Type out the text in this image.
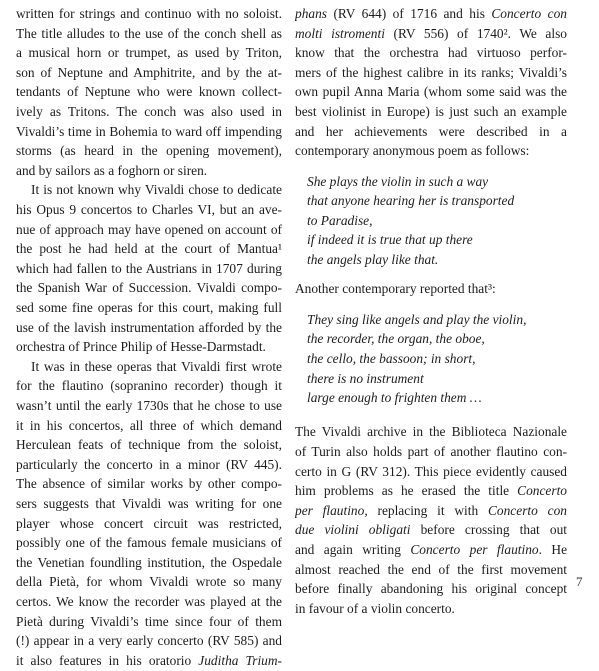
written for strings and continuo with no soloist.
The title alludes to the use of the conch shell as
a musical horn or trumpet, as used by Triton,
son of Neptune and Amphitrite, and by the at-
tendants of Neptune who were known collect-
ively as Tritons. The conch was also used in
Vivaldi’s time in Bohemia to ward off impending
storms (as heard in the opening movement),
and by sailors as a foghorn or siren.
It is not known why Vivaldi chose to dedicate
his Opus 9 concertos to Charles VI, but an ave-
nue of approach may have opened on account of
the post he had held at the court of Mantua¹
which had fallen to the Austrians in 1707 during
the Spanish War of Succession. Vivaldi compo-
sed some fine operas for this court, making full
use of the lavish instrumentation afforded by the
orchestra of Prince Philip of Hesse-Darmstadt.
It was in these operas that Vivaldi first wrote
for the flautino (sopranino recorder) though it
wasn’t until the early 1730s that he chose to use
it in his concertos, all three of which demand
Herculean feats of technique from the soloist,
particularly the concerto in a minor (RV 445).
The absence of similar works by other compo-
sers suggests that Vivaldi was writing for one
player whose concert circuit was restricted,
possibly one of the famous female musicians of
the Venetian foundling institution, the Ospedale
della Pietà, for whom Vivaldi wrote so many
certos. We know the recorder was played at the
Pietà during Vivaldi’s time since four of them
(!) appear in a very early concerto (RV 585) and
it also features in his oratorio Juditha Trium-
phans (RV 644) of 1716 and his Concerto con
molti istromenti (RV 556) of 1740². We also
know that the orchestra had virtuoso perfor-
mers of the highest calibre in its ranks; Vivaldi’s
own pupil Anna Maria (whom some said was the
best violinist in Europe) is just such an example
and her achievements were described in a
contemporary anonymous poem as follows:
She plays the violin in such a way
that anyone hearing her is transported
to Paradise,
if indeed it is true that up there
the angels play like that.
Another contemporary reported that³:
They sing like angels and play the violin,
the recorder, the organ, the oboe,
the cello, the bassoon; in short,
there is no instrument
large enough to frighten them …
The Vivaldi archive in the Biblioteca Nazionale
of Turin also holds part of another flautino con-
certo in G (RV 312). This piece evidently caused
him problems as he erased the title Concerto
per flautino, replacing it with Concerto con
due violini obligati before crossing that out
and again writing Concerto per flautino. He
almost reached the end of the first movement
before finally abandoning his original concept
in favour of a violin concerto.
7
